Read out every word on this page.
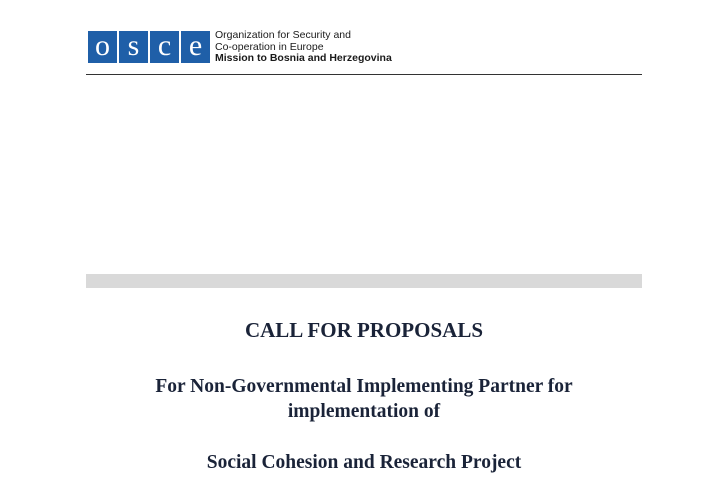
o s c e	Organization for Security and
Co-operation in Europe
Mission to Bosnia and Herzegovina

CALL FOR PROPOSALS

For Non-Governmental Implementing Partner for
implementation of

Social Cohesion and Research Project
